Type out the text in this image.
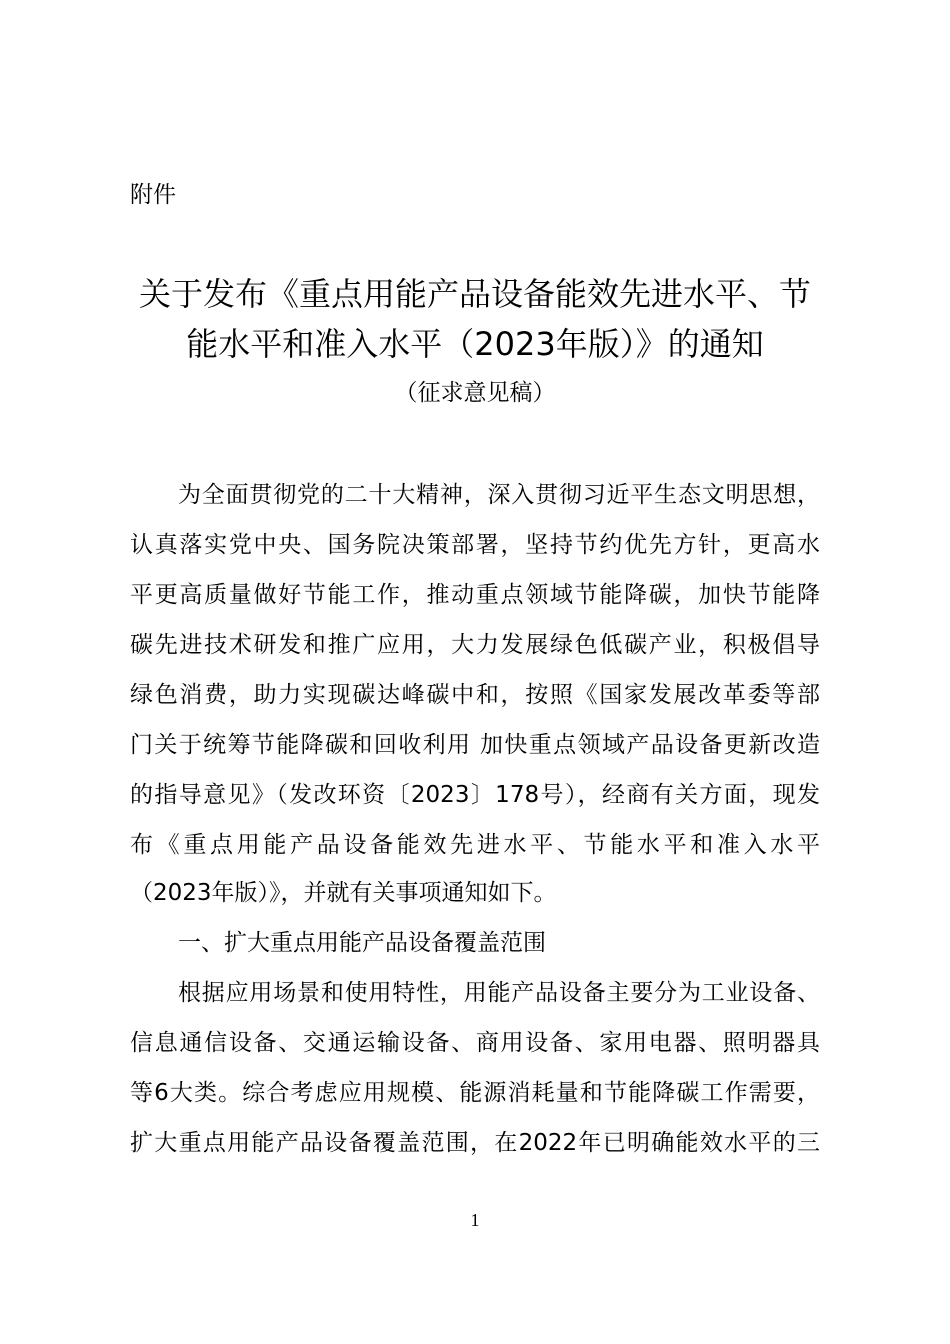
附件
关于发布《重点用能产品设备能效先进水平、节
能水平和准入水平（2023年版）》的通知
（征求意见稿）
为全面贯彻党的二十大精神，深入贯彻习近平生态文明思想，
认真落实党中央、国务院决策部署，坚持节约优先方针，更高水
平更高质量做好节能工作，推动重点领域节能降碳，加快节能降
碳先进技术研发和推广应用，大力发展绿色低碳产业，积极倡导
绿色消费，助力实现碳达峰碳中和，按照《国家发展改革委等部
门关于统筹节能降碳和回收利用 加快重点领域产品设备更新改造
的指导意见》（发改环资〔2023〕178号），经商有关方面，现发
布《重点用能产品设备能效先进水平、节能水平和准入水平
（2023年版）》，并就有关事项通知如下。
一、扩大重点用能产品设备覆盖范围
根据应用场景和使用特性，用能产品设备主要分为工业设备、
信息通信设备、交通运输设备、商用设备、家用电器、照明器具
等6大类。综合考虑应用规模、能源消耗量和节能降碳工作需要，
扩大重点用能产品设备覆盖范围，在2022年已明确能效水平的三
1
